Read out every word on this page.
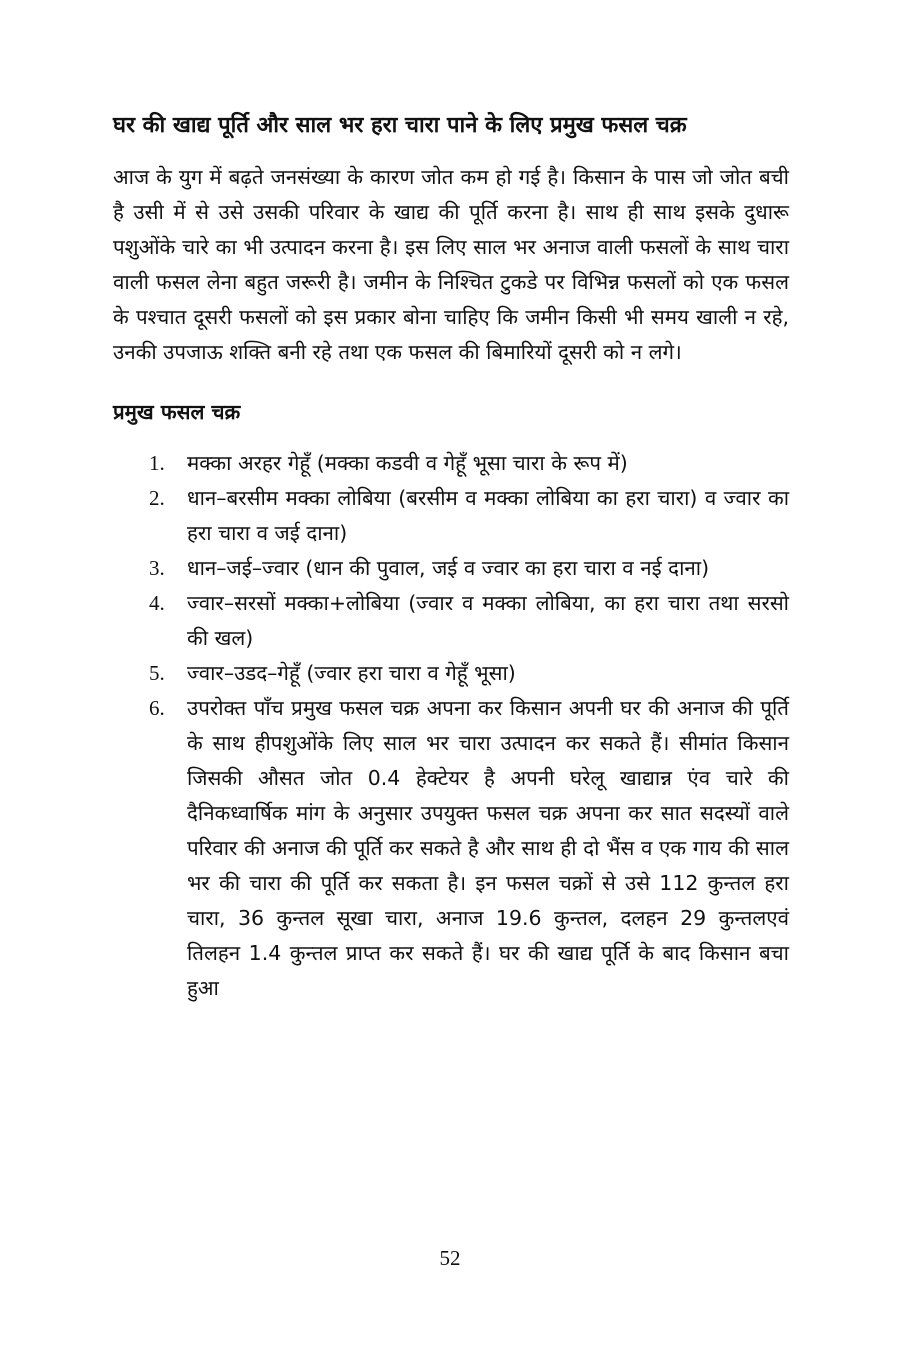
घर की खाद्य पूर्ति और साल भर हरा चारा पाने के लिए प्रमुख फसल चक्र

आज के युग में बढ़ते जनसंख्या के कारण जोत कम हो गई है। किसान के पास जो जोत बची है उसी में से उसे उसकी परिवार के खाद्य की पूर्ति करना है। साथ ही साथ इसके दुधारू पशुओंके चारे का भी उत्पादन करना है। इस लिए साल भर अनाज वाली फसलों के साथ चारा वाली फसल लेना बहुत जरूरी है। जमीन के निश्चित टुकडे पर विभिन्न फसलों को एक फसल के पश्चात दूसरी फसलों को इस प्रकार बोना चाहिए कि जमीन किसी भी समय खाली न रहे, उनकी उपजाऊ शक्ति बनी रहे तथा एक फसल की बिमारियों दूसरी को न लगे।

प्रमुख फसल चक्र
1.	मक्का अरहर गेहूँ (मक्का कडवी व गेहूँ भूसा चारा के रूप में)
2.	धान–बरसीम मक्का लोबिया (बरसीम व मक्का लोबिया का हरा चारा) व ज्वार का हरा चारा व जई दाना)
3.	धान–जई–ज्वार (धान की पुवाल, जई व ज्वार का हरा चारा व नई दाना)
4.	ज्वार–सरसों मक्का+लोबिया (ज्वार व मक्का लोबिया, का हरा चारा तथा सरसो की खल)
5.	ज्वार–उडद–गेहूँ (ज्वार हरा चारा व गेहूँ भूसा)
6.	उपरोक्त पाँच प्रमुख फसल चक्र अपना कर किसान अपनी घर की अनाज की पूर्ति के साथ हीपशुओंके लिए साल भर चारा उत्पादन कर सकते हैं। सीमांत किसान जिसकी औसत जोत 0.4 हेक्टेयर है अपनी घरेलू खाद्यान्न एंव चारे की दैनिकध्वार्षिक मांग के अनुसार उपयुक्त फसल चक्र अपना कर सात सदस्यों वाले परिवार की अनाज की पूर्ति कर सकते है और साथ ही दो भैंस व एक गाय की साल भर की चारा की पूर्ति कर सकता है। इन फसल चक्रों से उसे 112 कुन्तल हरा चारा, 36 कुन्तल सूखा चारा, अनाज 19.6 कुन्तल, दलहन 29 कुन्तलएवं तिलहन 1.4 कुन्तल प्राप्त कर सकते हैं। घर की खाद्य पूर्ति के बाद किसान बचा हुआ
52
